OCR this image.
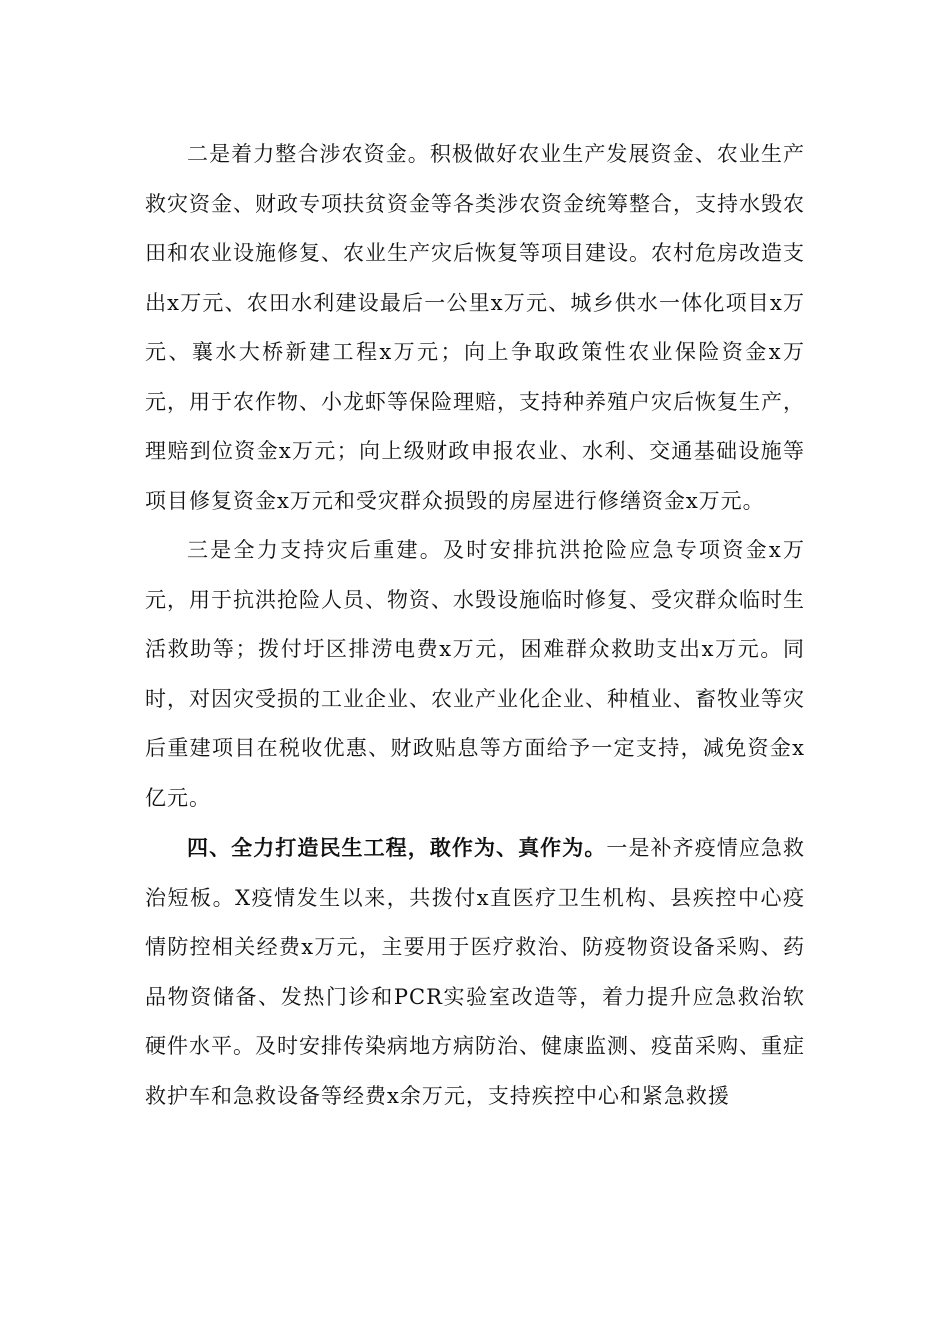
二是着力整合涉农资金。积极做好农业生产发展资金、农业生产救灾资金、财政专项扶贫资金等各类涉农资金统筹整合，支持水毁农田和农业设施修复、农业生产灾后恢复等项目建设。农村危房改造支出x万元、农田水利建设最后一公里x万元、城乡供水一体化项目x万元、襄水大桥新建工程x万元；向上争取政策性农业保险资金x万元，用于农作物、小龙虾等保险理赔，支持种养殖户灾后恢复生产，理赔到位资金x万元；向上级财政申报农业、水利、交通基础设施等项目修复资金x万元和受灾群众损毁的房屋进行修缮资金x万元。

三是全力支持灾后重建。及时安排抗洪抢险应急专项资金x万元，用于抗洪抢险人员、物资、水毁设施临时修复、受灾群众临时生活救助等；拨付圩区排涝电费x万元，困难群众救助支出x万元。同时，对因灾受损的工业企业、农业产业化企业、种植业、畜牧业等灾后重建项目在税收优惠、财政贴息等方面给予一定支持，减免资金x亿元。

四、全力打造民生工程，敢作为、真作为。一是补齐疫情应急救治短板。X疫情发生以来，共拨付x直医疗卫生机构、县疾控中心疫情防控相关经费x万元，主要用于医疗救治、防疫物资设备采购、药品物资储备、发热门诊和PCR实验室改造等，着力提升应急救治软硬件水平。及时安排传染病地方病防治、健康监测、疫苗采购、重症救护车和急救设备等经费x余万元，支持疾控中心和紧急救援
